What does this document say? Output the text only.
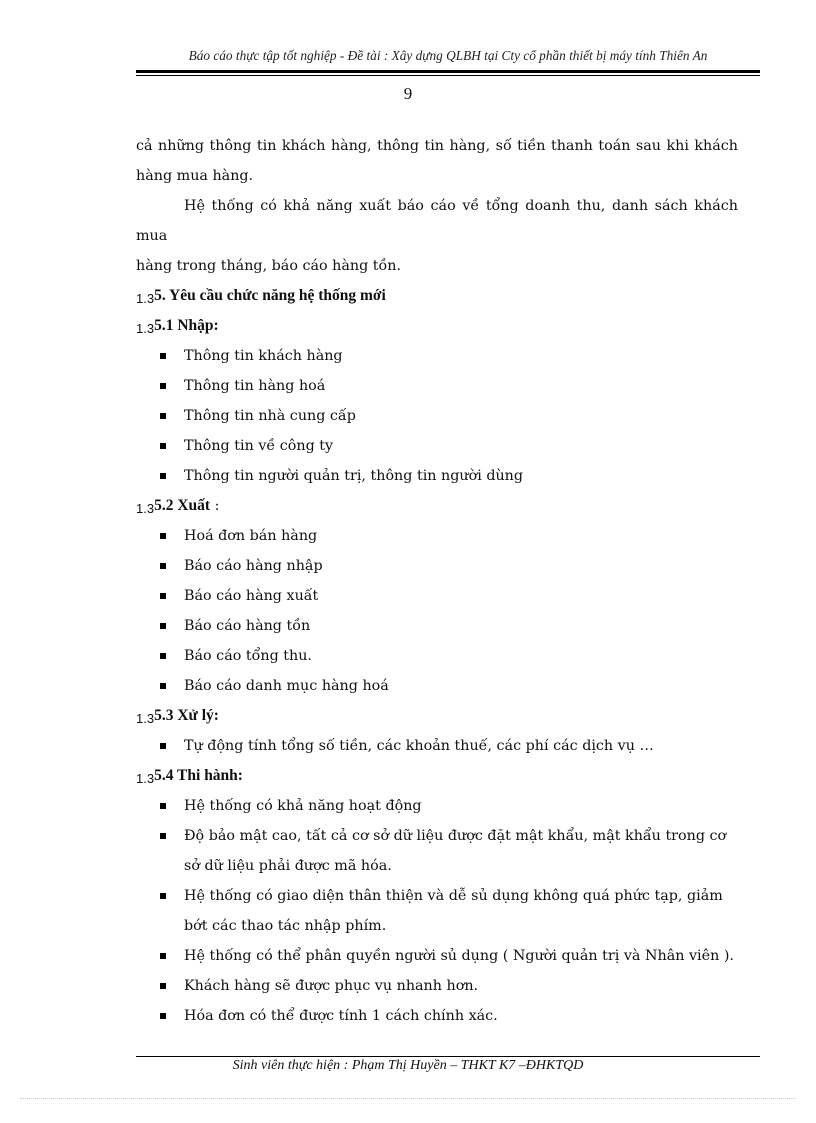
Báo cáo thực tập tốt nghiệp - Đề tài : Xây dựng QLBH tại Cty cổ phần thiết bị máy tính Thiên An
9

cả những thông tin khách hàng, thông tin hàng, số tiền thanh toán sau khi khách

hàng mua hàng.

Hệ thống có khả năng xuất báo cáo về tổng doanh thu, danh sách khách mua

hàng trong tháng, báo cáo hàng tồn.

1.35. Yêu cầu chức năng hệ thống mới

1.35.1 Nhập:

Thông tin khách hàng
Thông tin hàng hoá
Thông tin nhà cung cấp
Thông tin về công ty
Thông tin người quản trị, thông tin người dùng

1.35.2 Xuất :

Hoá đơn bán hàng
Báo cáo hàng nhập
Báo cáo hàng xuất
Báo cáo hàng tồn
Báo cáo tổng thu.
Báo cáo danh mục hàng hoá

1.35.3 Xử lý:

Tự động tính tổng số tiền, các khoản thuế, các phí các dịch vụ …

1.35.4 Thi hành:

Hệ thống có khả năng hoạt động
Độ bảo mật cao, tất cả cơ sở dữ liệu được đặt mật khẩu, mật khẩu trong cơ sở dữ liệu phải được mã hóa.
Hệ thống có giao diện thân thiện và dễ sủ dụng không quá phức tạp, giảm bớt các thao tác nhập phím.
Hệ thống có thể phân quyền người sủ dụng ( Người quản trị và Nhân viên ).
Khách hàng sẽ được phục vụ nhanh hơn.
Hóa đơn có thể được tính 1 cách chính xác.
Sinh viên thực hiện : Phạm Thị Huyền – THKT K7 –ĐHKTQD
